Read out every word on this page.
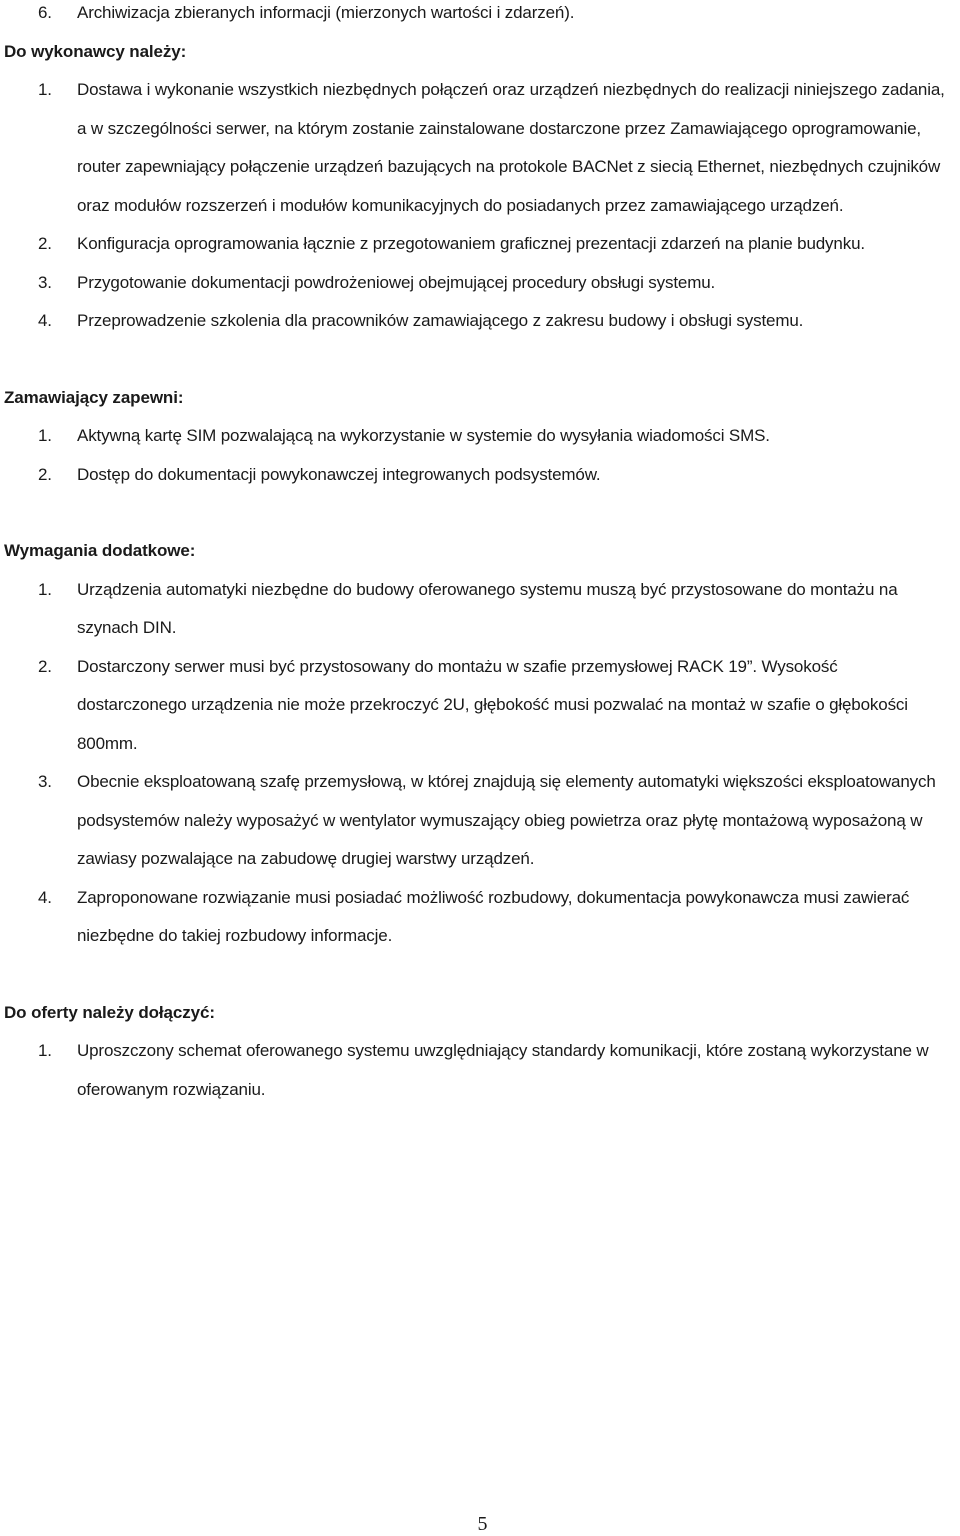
6. Archiwizacja zbieranych informacji (mierzonych wartości i zdarzeń).
Do wykonawcy należy:
1. Dostawa i wykonanie wszystkich niezbędnych połączeń oraz urządzeń niezbędnych do realizacji niniejszego zadania, a w szczególności serwer, na którym zostanie zainstalowane dostarczone przez Zamawiającego oprogramowanie, router zapewniający połączenie urządzeń bazujących na protokole BACNet z siecią Ethernet, niezbędnych czujników oraz modułów rozszerzeń i modułów komunikacyjnych do posiadanych przez zamawiającego urządzeń.
2. Konfiguracja oprogramowania łącznie z przegotowaniem graficznej prezentacji zdarzeń na planie budynku.
3. Przygotowanie dokumentacji powdrożeniowej obejmującej procedury obsługi systemu.
4. Przeprowadzenie szkolenia dla pracowników zamawiającego z zakresu budowy i obsługi systemu.
Zamawiający zapewni:
1. Aktywną kartę SIM pozwalającą na wykorzystanie w systemie do wysyłania wiadomości SMS.
2. Dostęp do dokumentacji powykonawczej integrowanych podsystemów.
Wymagania dodatkowe:
1. Urządzenia automatyki niezbędne do budowy oferowanego systemu muszą być przystosowane do montażu na szynach DIN.
2. Dostarczony serwer musi być przystosowany do montażu w szafie przemysłowej RACK 19”. Wysokość dostarczonego urządzenia nie może przekroczyć 2U, głębokość musi pozwalać na montaż w szafie o głębokości 800mm.
3. Obecnie eksploatowaną szafę przemysłową, w której znajdują się elementy automatyki większości eksploatowanych podsystemów należy wyposażyć w wentylator wymuszający obieg powietrza oraz płytę montażową wyposażoną w zawiasy pozwalające na zabudowę drugiej warstwy urządzeń.
4. Zaproponowane rozwiązanie musi posiadać możliwość rozbudowy, dokumentacja powykonawcza musi zawierać niezbędne do takiej rozbudowy informacje.
Do oferty należy dołączyć:
1. Uproszczony schemat oferowanego systemu uwzględniający standardy komunikacji, które zostaną wykorzystane w oferowanym rozwiązaniu.
5
